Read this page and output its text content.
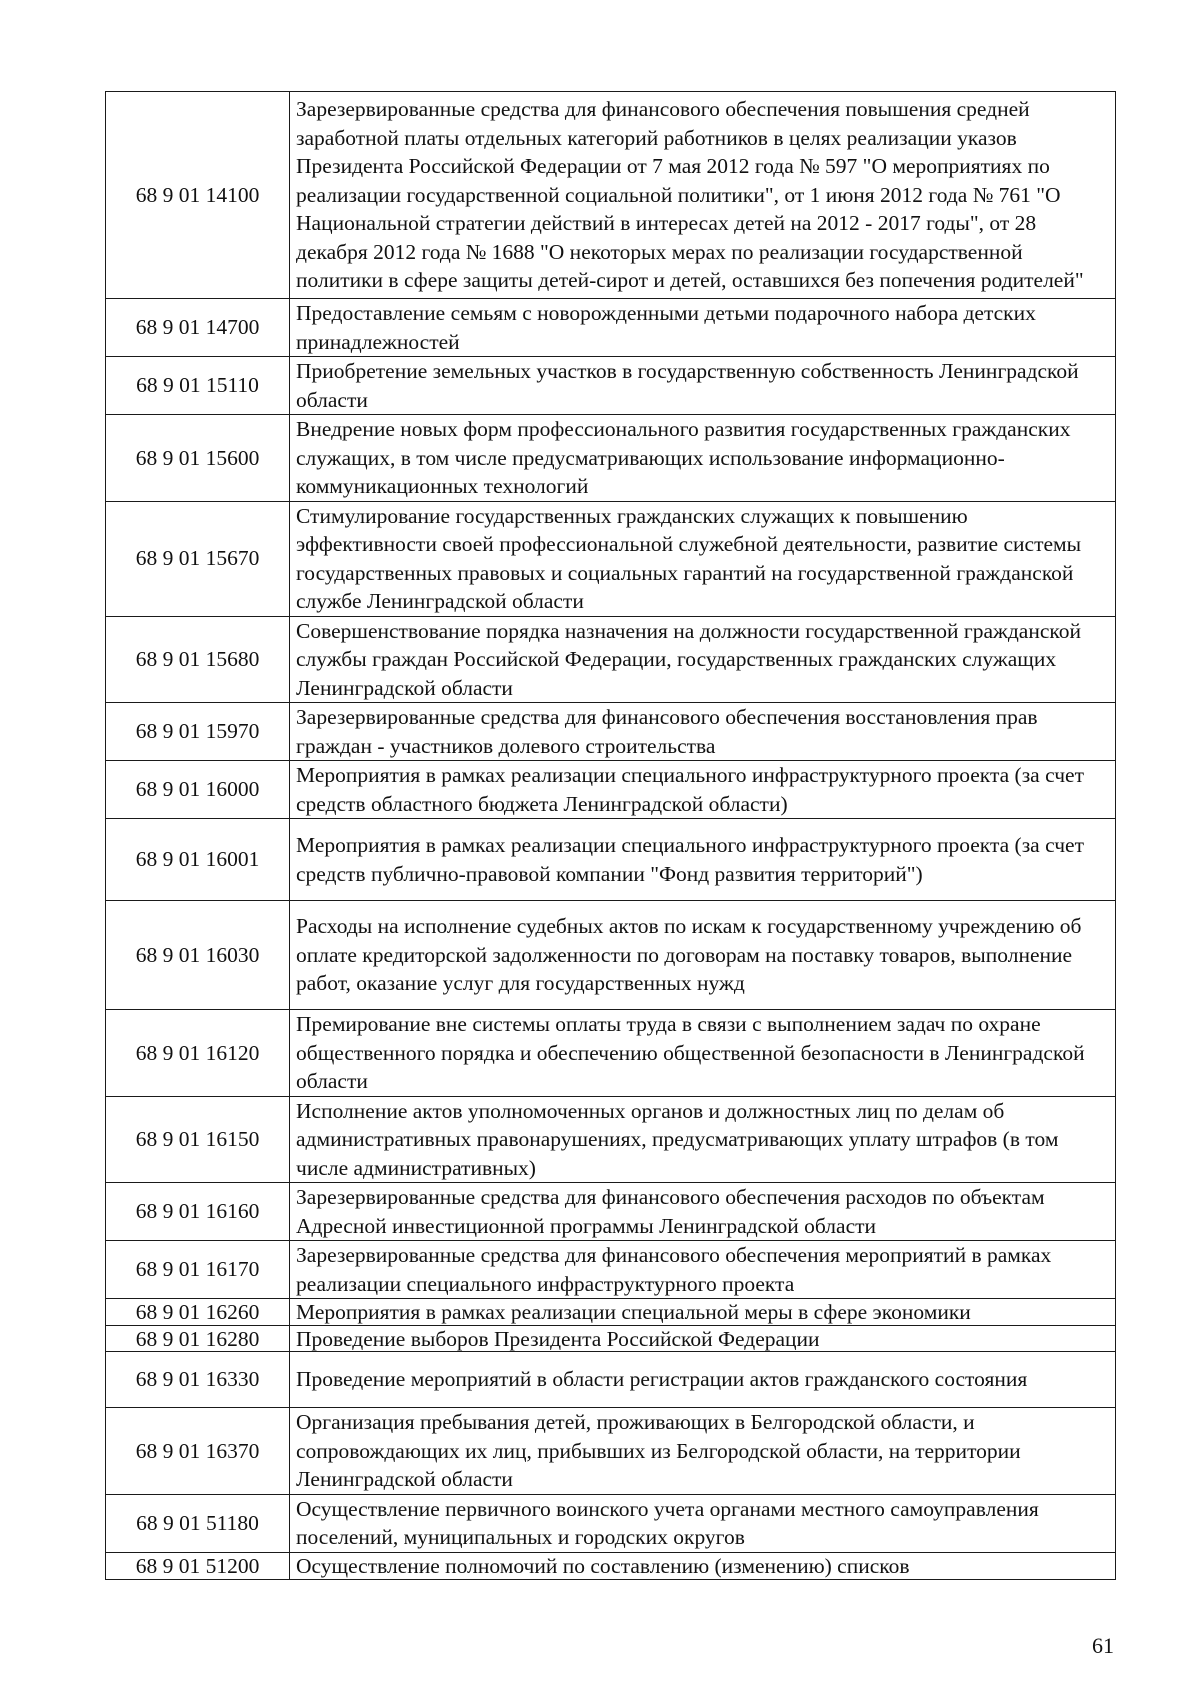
68 9 01 14100	Зарезервированные средства для финансового обеспечения повышения средней заработной платы отдельных категорий работников в целях реализации указов Президента Российской Федерации от 7 мая 2012 года № 597 "О мероприятиях по реализации государственной социальной политики", от 1 июня 2012 года № 761 "О Национальной стратегии действий в интересах детей на 2012 - 2017 годы", от 28 декабря 2012 года № 1688 "О некоторых мерах по реализации государственной политики в сфере защиты детей-сирот и детей, оставшихся без попечения родителей"
68 9 01 14700	Предоставление семьям с новорожденными детьми подарочного набора детских принадлежностей
68 9 01 15110	Приобретение земельных участков в государственную собственность Ленинградской области
68 9 01 15600	Внедрение новых форм профессионального развития государственных гражданских служащих, в том числе предусматривающих использование информационно-коммуникационных технологий
68 9 01 15670	Стимулирование государственных гражданских служащих к повышению эффективности своей профессиональной служебной деятельности, развитие системы государственных правовых и социальных гарантий на государственной гражданской службе Ленинградской области
68 9 01 15680	Совершенствование порядка назначения на должности государственной гражданской службы граждан Российской Федерации, государственных гражданских служащих Ленинградской области
68 9 01 15970	Зарезервированные средства для финансового обеспечения восстановления прав граждан - участников долевого строительства
68 9 01 16000	Мероприятия в рамках реализации специального инфраструктурного проекта (за счет средств областного бюджета Ленинградской области)
68 9 01 16001	Мероприятия в рамках реализации специального инфраструктурного проекта (за счет средств публично-правовой компании "Фонд развития территорий")
68 9 01 16030	Расходы на исполнение судебных актов по искам к государственному учреждению об оплате кредиторской задолженности по договорам на поставку товаров, выполнение работ, оказание услуг для государственных нужд
68 9 01 16120	Премирование вне системы оплаты труда в связи с выполнением задач по охране общественного порядка и обеспечению общественной безопасности в Ленинградской области
68 9 01 16150	Исполнение актов уполномоченных органов и должностных лиц по делам об административных правонарушениях, предусматривающих уплату штрафов (в том числе административных)
68 9 01 16160	Зарезервированные средства для финансового обеспечения расходов по объектам Адресной инвестиционной программы Ленинградской области
68 9 01 16170	Зарезервированные средства для финансового обеспечения мероприятий в рамках реализации специального инфраструктурного проекта
68 9 01 16260	Мероприятия в рамках реализации специальной меры в сфере экономики
68 9 01 16280	Проведение выборов Президента Российской Федерации
68 9 01 16330	Проведение мероприятий в области регистрации актов гражданского состояния
68 9 01 16370	Организация пребывания детей, проживающих в Белгородской области, и сопровождающих их лиц, прибывших из Белгородской области, на территории Ленинградской области
68 9 01 51180	Осуществление первичного воинского учета органами местного самоуправления поселений, муниципальных и городских округов
68 9 01 51200	Осуществление полномочий по составлению (изменению) списков
61
